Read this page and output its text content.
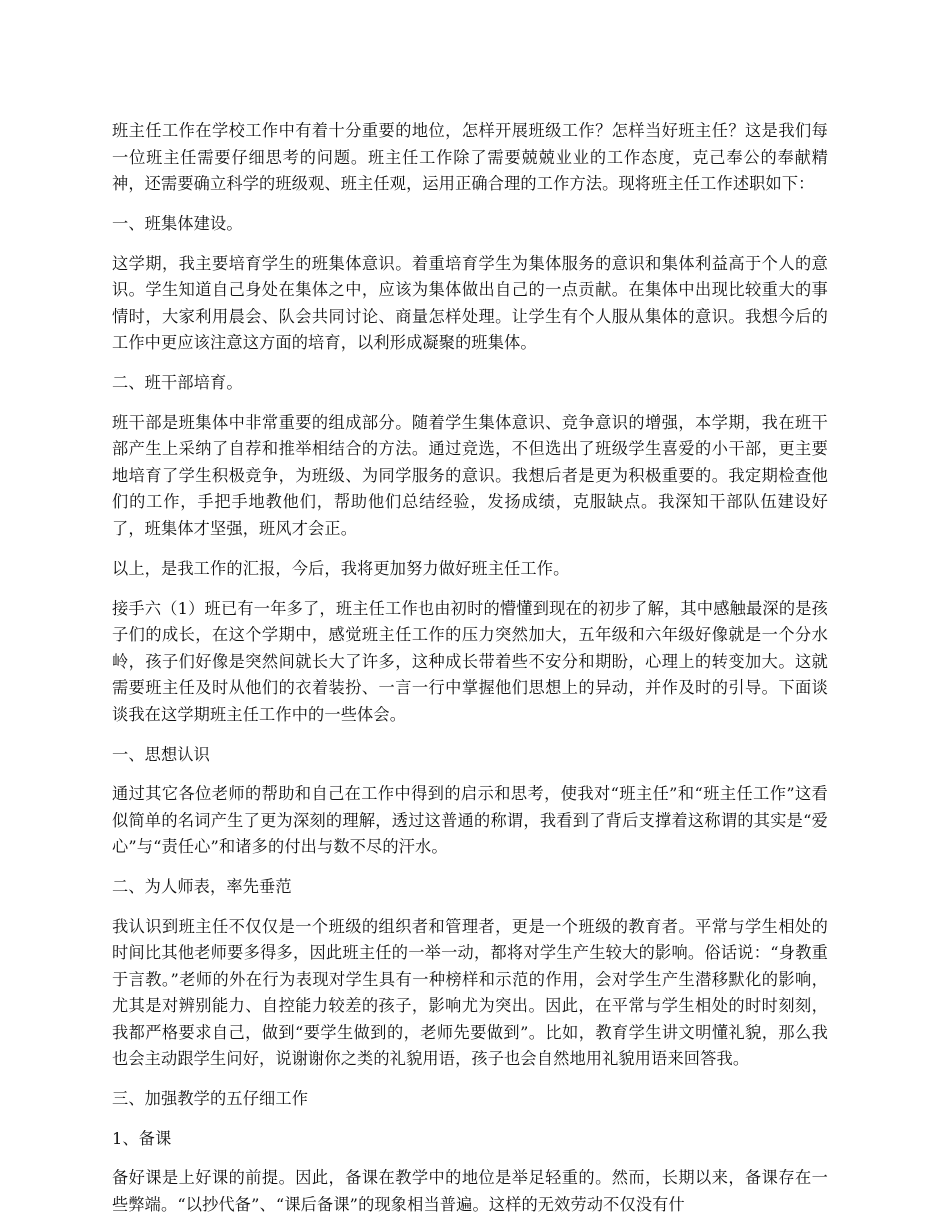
班主任工作在学校工作中有着十分重要的地位，怎样开展班级工作？怎样当好班主任？这是我们每一位班主任需要仔细思考的问题。班主任工作除了需要兢兢业业的工作态度，克己奉公的奉献精神，还需要确立科学的班级观、班主任观，运用正确合理的工作方法。现将班主任工作述职如下：

一、班集体建设。

这学期，我主要培育学生的班集体意识。着重培育学生为集体服务的意识和集体利益高于个人的意识。学生知道自己身处在集体之中，应该为集体做出自己的一点贡献。在集体中出现比较重大的事情时，大家利用晨会、队会共同讨论、商量怎样处理。让学生有个人服从集体的意识。我想今后的工作中更应该注意这方面的培育，以利形成凝聚的班集体。

二、班干部培育。

班干部是班集体中非常重要的组成部分。随着学生集体意识、竞争意识的增强，本学期，我在班干部产生上采纳了自荐和推举相结合的方法。通过竞选，不但选出了班级学生喜爱的小干部，更主要地培育了学生积极竞争，为班级、为同学服务的意识。我想后者是更为积极重要的。我定期检查他们的工作，手把手地教他们，帮助他们总结经验，发扬成绩，克服缺点。我深知干部队伍建设好了，班集体才坚强，班风才会正。

以上，是我工作的汇报，今后，我将更加努力做好班主任工作。

接手六（1）班已有一年多了，班主任工作也由初时的懵懂到现在的初步了解，其中感触最深的是孩子们的成长，在这个学期中，感觉班主任工作的压力突然加大，五年级和六年级好像就是一个分水岭，孩子们好像是突然间就长大了许多，这种成长带着些不安分和期盼，心理上的转变加大。这就需要班主任及时从他们的衣着装扮、一言一行中掌握他们思想上的异动，并作及时的引导。下面谈谈我在这学期班主任工作中的一些体会。

一、思想认识

通过其它各位老师的帮助和自己在工作中得到的启示和思考，使我对“班主任”和“班主任工作”这看似简单的名词产生了更为深刻的理解，透过这普通的称谓，我看到了背后支撑着这称谓的其实是“爱心”与“责任心”和诸多的付出与数不尽的汗水。

二、为人师表，率先垂范

我认识到班主任不仅仅是一个班级的组织者和管理者，更是一个班级的教育者。平常与学生相处的时间比其他老师要多得多，因此班主任的一举一动，都将对学生产生较大的影响。俗话说：“身教重于言教。”老师的外在行为表现对学生具有一种榜样和示范的作用，会对学生产生潜移默化的影响，尤其是对辨别能力、自控能力较差的孩子，影响尤为突出。因此，在平常与学生相处的时时刻刻，我都严格要求自己，做到“要学生做到的，老师先要做到”。比如，教育学生讲文明懂礼貌，那么我也会主动跟学生问好，说谢谢你之类的礼貌用语，孩子也会自然地用礼貌用语来回答我。

三、加强教学的五仔细工作

1、备课

备好课是上好课的前提。因此，备课在教学中的地位是举足轻重的。然而，长期以来，备课存在一些弊端。“以抄代备”、“课后备课”的现象相当普遍。这样的无效劳动不仅没有什
